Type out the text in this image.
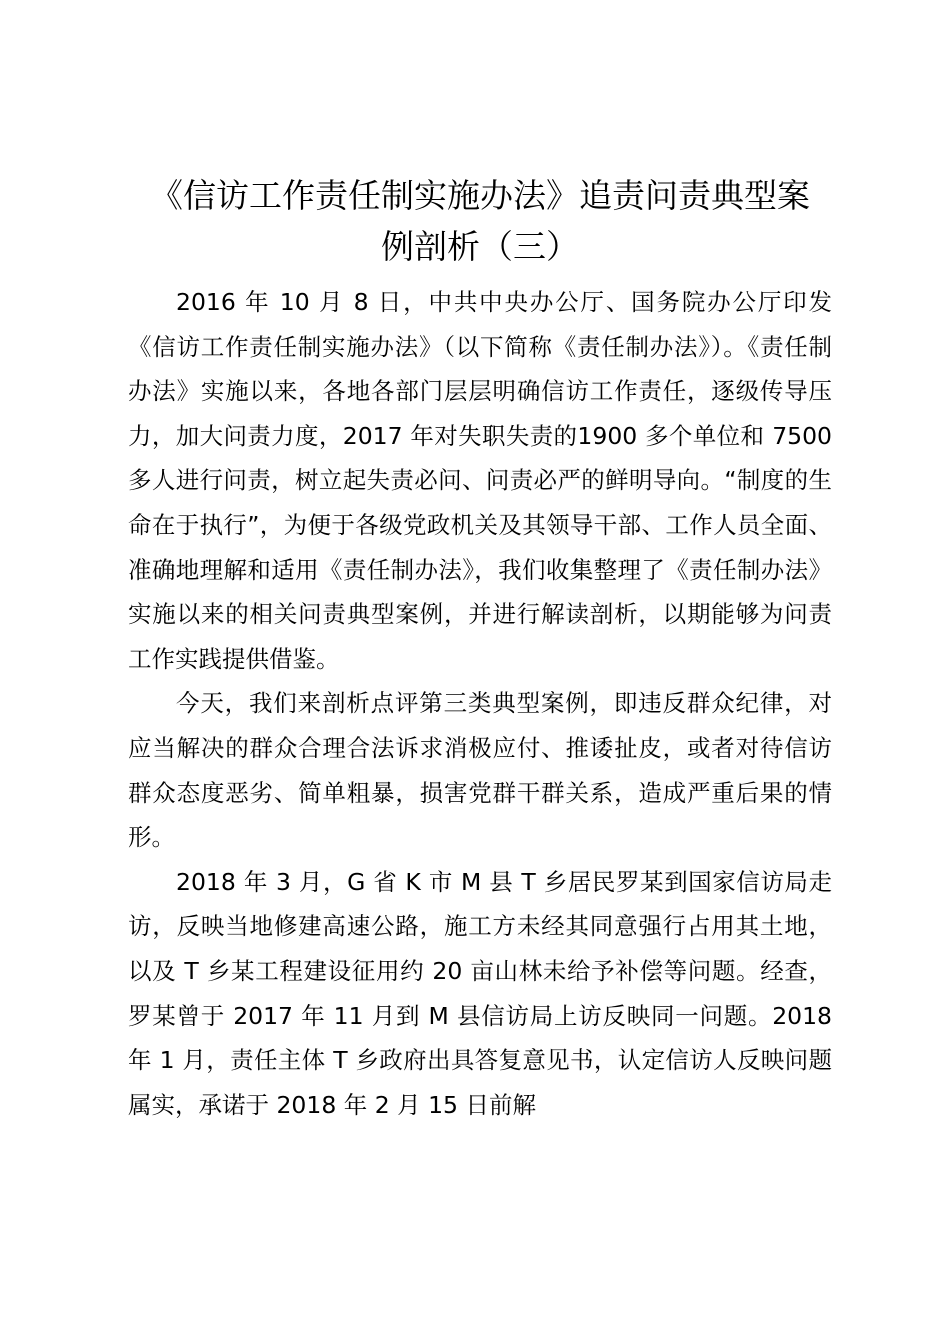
《信访工作责任制实施办法》追责问责典型案
例剖析（三）

2016 年 10 月 8 日，中共中央办公厅、国务院办公厅印发《信访工作责任制实施办法》（以下简称《责任制办法》）。《责任制办法》实施以来，各地各部门层层明确信访工作责任，逐级传导压力，加大问责力度，2017 年对失职失责的1900 多个单位和 7500 多人进行问责，树立起失责必问、问责必严的鲜明导向。“制度的生命在于执行”，为便于各级党政机关及其领导干部、工作人员全面、准确地理解和适用《责任制办法》，我们收集整理了《责任制办法》实施以来的相关问责典型案例，并进行解读剖析，以期能够为问责工作实践提供借鉴。

今天，我们来剖析点评第三类典型案例，即违反群众纪律，对应当解决的群众合理合法诉求消极应付、推诿扯皮，或者对待信访群众态度恶劣、简单粗暴，损害党群干群关系，造成严重后果的情形。

2018 年 3 月，G 省 K 市 M 县 T 乡居民罗某到国家信访局走访，反映当地修建高速公路，施工方未经其同意强行占用其土地，以及 T 乡某工程建设征用约 20 亩山林未给予补偿等问题。经查，罗某曾于 2017 年 11 月到 M 县信访局上访反映同一问题。2018 年 1 月，责任主体 T 乡政府出具答复意见书，认定信访人反映问题属实，承诺于 2018 年 2 月 15 日前解
